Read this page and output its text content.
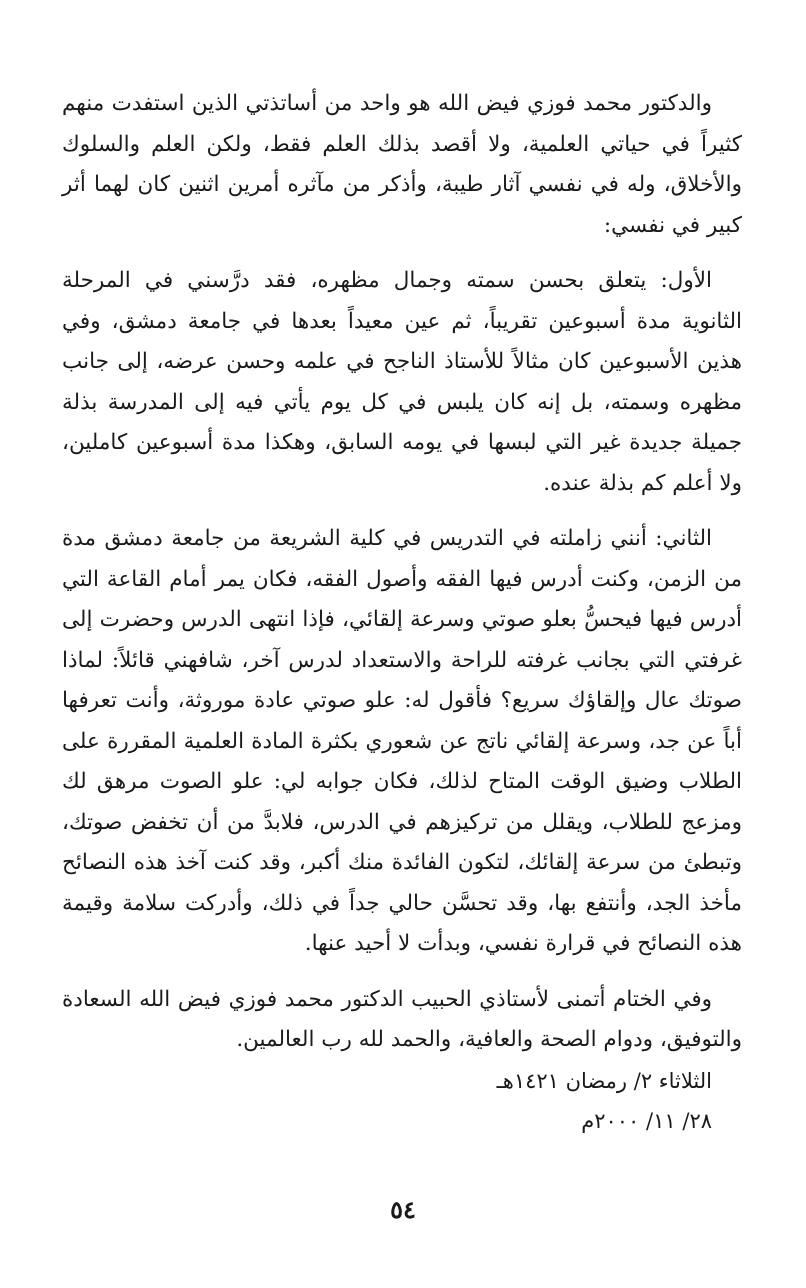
والدكتور محمد فوزي فيض الله هو واحد من أساتذتي الذين استفدت منهم كثيراً في حياتي العلمية، ولا أقصد بذلك العلم فقط، ولكن العلم والسلوك والأخلاق، وله في نفسي آثار طيبة، وأذكر من مآثره أمرين اثنين كان لهما أثر كبير في نفسي:

الأول: يتعلق بحسن سمته وجمال مظهره، فقد درَّسني في المرحلة الثانوية مدة أسبوعين تقريباً، ثم عين معيداً بعدها في جامعة دمشق، وفي هذين الأسبوعين كان مثالاً للأستاذ الناجح في علمه وحسن عرضه، إلى جانب مظهره وسمته، بل إنه كان يلبس في كل يوم يأتي فيه إلى المدرسة بذلة جميلة جديدة غير التي لبسها في يومه السابق، وهكذا مدة أسبوعين كاملين، ولا أعلم كم بذلة عنده.

الثاني: أنني زاملته في التدريس في كلية الشريعة من جامعة دمشق مدة من الزمن، وكنت أدرس فيها الفقه وأصول الفقه، فكان يمر أمام القاعة التي أدرس فيها فيحسُّ بعلو صوتي وسرعة إلقائي، فإذا انتهى الدرس وحضرت إلى غرفتي التي بجانب غرفته للراحة والاستعداد لدرس آخر، شافهني قائلاً: لماذا صوتك عال وإلقاؤك سريع؟ فأقول له: علو صوتي عادة موروثة، وأنت تعرفها أباً عن جد، وسرعة إلقائي ناتج عن شعوري بكثرة المادة العلمية المقررة على الطلاب وضيق الوقت المتاح لذلك، فكان جوابه لي: علو الصوت مرهق لك ومزعج للطلاب، ويقلل من تركيزهم في الدرس، فلابدَّ من أن تخفض صوتك، وتبطئ من سرعة إلقائك، لتكون الفائدة منك أكبر، وقد كنت آخذ هذه النصائح مأخذ الجد، وأنتفع بها، وقد تحسَّن حالي جداً في ذلك، وأدركت سلامة وقيمة هذه النصائح في قرارة نفسي، وبدأت لا أحيد عنها.

وفي الختام أتمنى لأستاذي الحبيب الدكتور محمد فوزي فيض الله السعادة والتوفيق، ودوام الصحة والعافية، والحمد لله رب العالمين.

الثلاثاء ٢/ رمضان ١٤٢١هـ

٢٨/ ١١/ ٢٠٠٠م

٥٤
